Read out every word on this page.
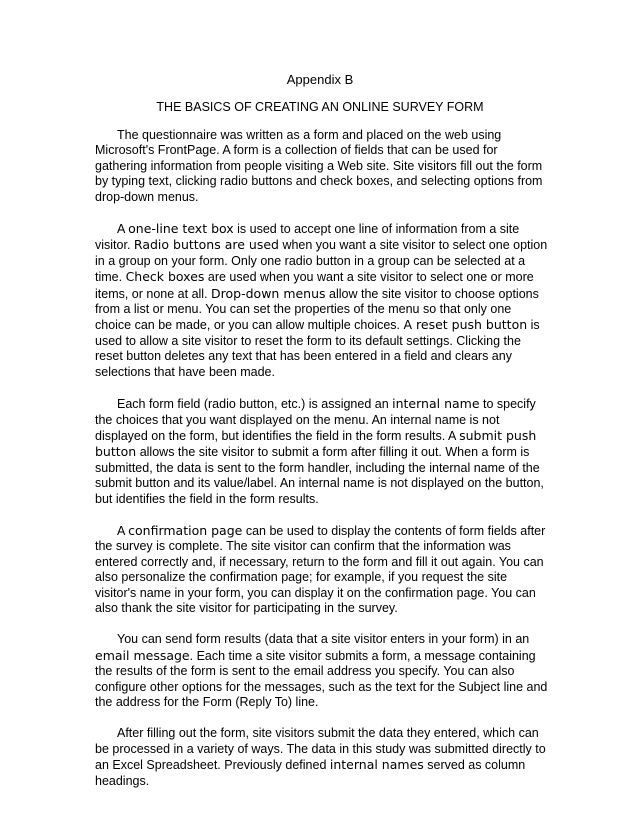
Appendix B
THE BASICS OF CREATING AN ONLINE SURVEY FORM

The questionnaire was written as a form and placed on the web using Microsoft's FrontPage. A form is a collection of fields that can be used for gathering information from people visiting a Web site. Site visitors fill out the form by typing text, clicking radio buttons and check boxes, and selecting options from drop-down menus.

A one-line text box is used to accept one line of information from a site visitor. Radio buttons are used when you want a site visitor to select one option in a group on your form. Only one radio button in a group can be selected at a time. Check boxes are used when you want a site visitor to select one or more items, or none at all. Drop-down menus allow the site visitor to choose options from a list or menu. You can set the properties of the menu so that only one choice can be made, or you can allow multiple choices. A reset push button is used to allow a site visitor to reset the form to its default settings. Clicking the reset button deletes any text that has been entered in a field and clears any selections that have been made.

Each form field (radio button, etc.) is assigned an internal name to specify the choices that you want displayed on the menu. An internal name is not displayed on the form, but identifies the field in the form results. A submit push button allows the site visitor to submit a form after filling it out. When a form is submitted, the data is sent to the form handler, including the internal name of the submit button and its value/label. An internal name is not displayed on the button, but identifies the field in the form results.

A confirmation page can be used to display the contents of form fields after the survey is complete. The site visitor can confirm that the information was entered correctly and, if necessary, return to the form and fill it out again. You can also personalize the confirmation page; for example, if you request the site visitor's name in your form, you can display it on the confirmation page. You can also thank the site visitor for participating in the survey.

You can send form results (data that a site visitor enters in your form) in an email message. Each time a site visitor submits a form, a message containing the results of the form is sent to the email address you specify. You can also configure other options for the messages, such as the text for the Subject line and the address for the Form (Reply To) line.

After filling out the form, site visitors submit the data they entered, which can be processed in a variety of ways. The data in this study was submitted directly to an Excel Spreadsheet. Previously defined internal names served as column headings.
